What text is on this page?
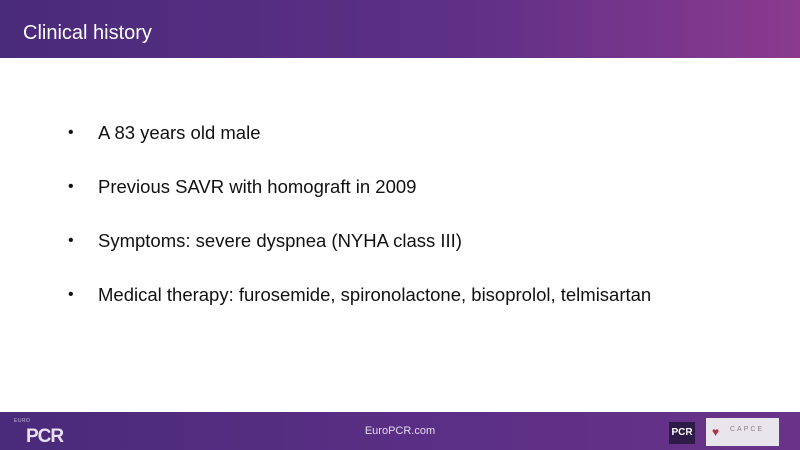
Clinical history
• A 83 years old male
• Previous SAVR with homograft in 2009
• Symptoms: severe dyspnea (NYHA class III)
• Medical therapy: furosemide, spironolactone, bisoprolol, telmisartan
EURO
PCR	EuroPCR.com	PCR ♥ CAPCE
